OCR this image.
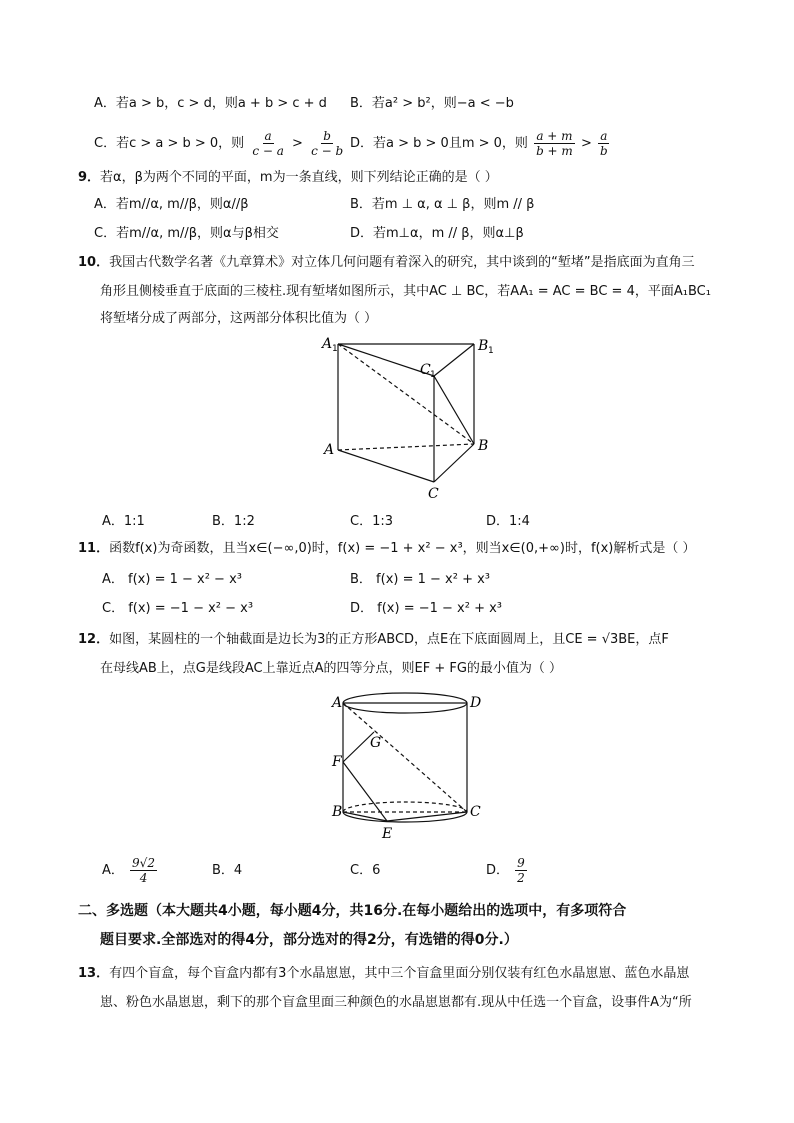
A．若a > b，c > d，则a + b > c + d B．若a² > b²，则−a < −b
C．若c > a > b > 0，则 $\frac{a}{c - a} > \frac{b}{c - b}$ D．若a > b > 0且m > 0，则 $\frac{a + m}{b + m} > \frac{a}{b}$
9．若α，β为两个不同的平面，m为一条直线，则下列结论正确的是（ ）
A．若m//α, m//β，则α//β	B．若m ⊥ α, α ⊥ β，则m // β
C．若m//α, m//β，则α与β相交	D．若m⊥α，m // β，则α⊥β
10．我国古代数学名著《九章算术》对立体几何问题有着深入的研究，其中谈到的“堑堵”是指底面为直角三
角形且侧棱垂直于底面的三棱柱.现有堑堵如图所示，其中AC ⊥ BC，若AA₁ = AC = BC = 4，平面A₁BC₁
将堑堵分成了两部分，这两部分体积比值为（ ）
A 1	B 1
C 1
A	B
C
A．1:1	B．1:2	C．1:3	D．1:4
11．函数f(x)为奇函数，且当x∈(−∞,0)时，f(x) = −1 + x² − x³，则当x∈(0,+∞)时，f(x)解析式是（ ）
A． f(x) = 1 − x² − x³	B． f(x) = 1 − x² + x³
C． f(x) = −1 − x² − x³	D． f(x) = −1 − x² + x³
12．如图，某圆柱的一个轴截面是边长为3的正方形ABCD，点E在下底面圆周上，且CE = √3BE，点F
在母线AB上，点G是线段AC上靠近点A的四等分点，则EF + FG的最小值为（ ）
A	D
G
F
B	C
E
A． $\frac{9√2}{4}$	B．4	C．6	D． $\frac{9}{2}$
二、多选题（本大题共4小题，每小题4分，共16分.在每小题给出的选项中，有多项符合
题目要求.全部选对的得4分，部分选对的得2分，有选错的得0分.）
13．有四个盲盒，每个盲盒内都有3个水晶崽崽，其中三个盲盒里面分别仅装有红色水晶崽崽、蓝色水晶崽
崽、粉色水晶崽崽，剩下的那个盲盒里面三种颜色的水晶崽崽都有.现从中任选一个盲盒，设事件A为“所
